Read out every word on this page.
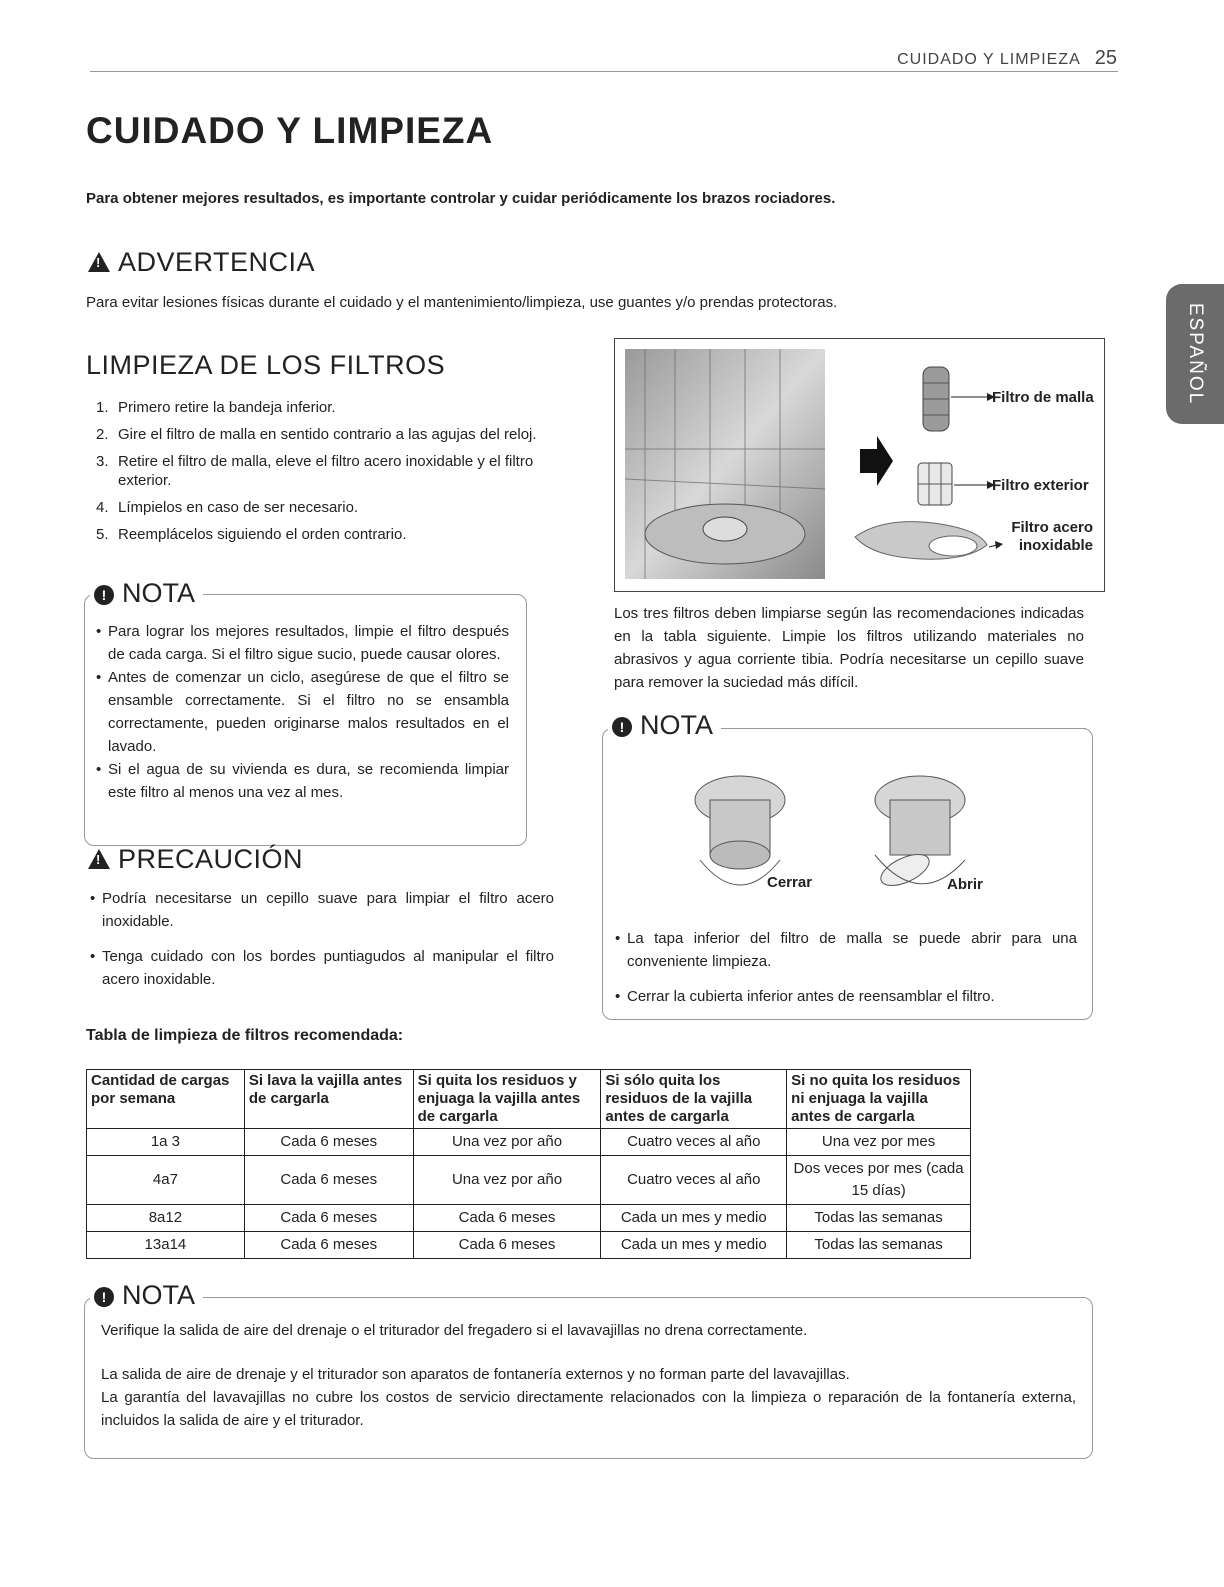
CUIDADO Y LIMPIEZA 25
ESPAÑOL
CUIDADO Y LIMPIEZA
Para obtener mejores resultados, es importante controlar y cuidar periódicamente los brazos rociadores.
!ADVERTENCIA
Para evitar lesiones físicas durante el cuidado y el mantenimiento/limpieza, use guantes y/o prendas protectoras.
LIMPIEZA DE LOS FILTROS
1. Primero retire la bandeja inferior.
2. Gire el filtro de malla en sentido contrario a las agujas del reloj.
3. Retire el filtro de malla, eleve el filtro acero inoxidable y el filtro exterior.
4. Límpielos en caso de ser necesario.
5. Reemplácelos siguiendo el orden contrario.
! NOTA
• Para lograr los mejores resultados, limpie el filtro después de cada carga. Si el filtro sigue sucio, puede causar olores.
• Antes de comenzar un ciclo, asegúrese de que el filtro se ensamble correctamente. Si el filtro no se ensambla correctamente, pueden originarse malos resultados en el lavado.
• Si el agua de su vivienda es dura, se recomienda limpiar este filtro al menos una vez al mes.
!PRECAUCIÓN
• Podría necesitarse un cepillo suave para limpiar el filtro acero inoxidable.
• Tenga cuidado con los bordes puntiagudos al manipular el filtro acero inoxidable.
Filtro de malla
Filtro exterior
Filtro acero inoxidable
Los tres filtros deben limpiarse según las recomendaciones indicadas en la tabla siguiente. Limpie los filtros utilizando materiales no abrasivos y agua corriente tibia. Podría necesitarse un cepillo suave para remover la suciedad más difícil.
! NOTA
Cerrar	Abrir
• La tapa inferior del filtro de malla se puede abrir para una conveniente limpieza.
• Cerrar la cubierta inferior antes de reensamblar el filtro.
Tabla de limpieza de filtros recomendada:
Cantidad de cargas por semana	Si lava la vajilla antes de cargarla	Si quita los residuos y enjuaga la vajilla antes de cargarla	Si sólo quita los residuos de la vajilla antes de cargarla	Si no quita los residuos ni enjuaga la vajilla antes de cargarla
1a 3	Cada 6 meses	Una vez por año	Cuatro veces al año	Una vez por mes
4a7	Cada 6 meses	Una vez por año	Cuatro veces al año	Dos veces por mes (cada 15 días)
8a12	Cada 6 meses	Cada 6 meses	Cada un mes y medio	Todas las semanas
13a14	Cada 6 meses	Cada 6 meses	Cada un mes y medio	Todas las semanas
! NOTA
Verifique la salida de aire del drenaje o el triturador del fregadero si el lavavajillas no drena correctamente.
La salida de aire de drenaje y el triturador son aparatos de fontanería externos y no forman parte del lavavajillas.
La garantía del lavavajillas no cubre los costos de servicio directamente relacionados con la limpieza o reparación de la fontanería externa, incluidos la salida de aire y el triturador.
